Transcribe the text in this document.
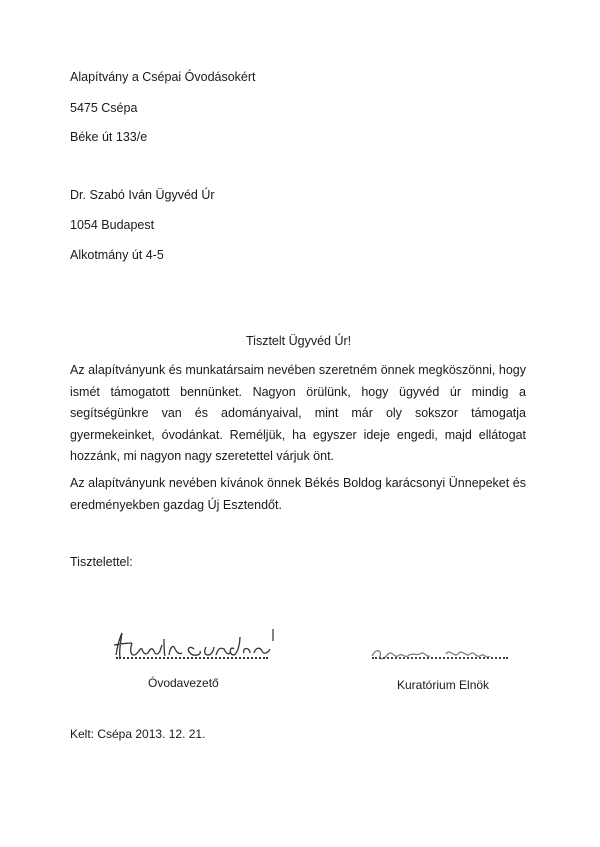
Alapítvány a Csépai Óvodásokért
5475 Csépa
Béke út 133/e
Dr. Szabó Iván Ügyvéd Úr
1054 Budapest
Alkotmány út 4-5
Tisztelt Ügyvéd Úr!
Az alapítványunk és munkatársaim nevében szeretném önnek megköszönni, hogy ismét támogatott bennünket. Nagyon örülünk, hogy ügyvéd úr mindig a segítségünkre van és adományaival, mint már oly sokszor támogatja gyermekeinket, óvodánkat. Reméljük, ha egyszer ideje engedi, majd ellátogat hozzánk, mi nagyon nagy szeretettel várjuk önt.
Az alapítványunk nevében kívánok önnek Békés Boldog karácsonyi Ünnepeket és eredményekben gazdag Új Esztendőt.
Tisztelettel:
Óvodavezető	Kuratórium Elnök
Kelt: Csépa 2013. 12. 21.
